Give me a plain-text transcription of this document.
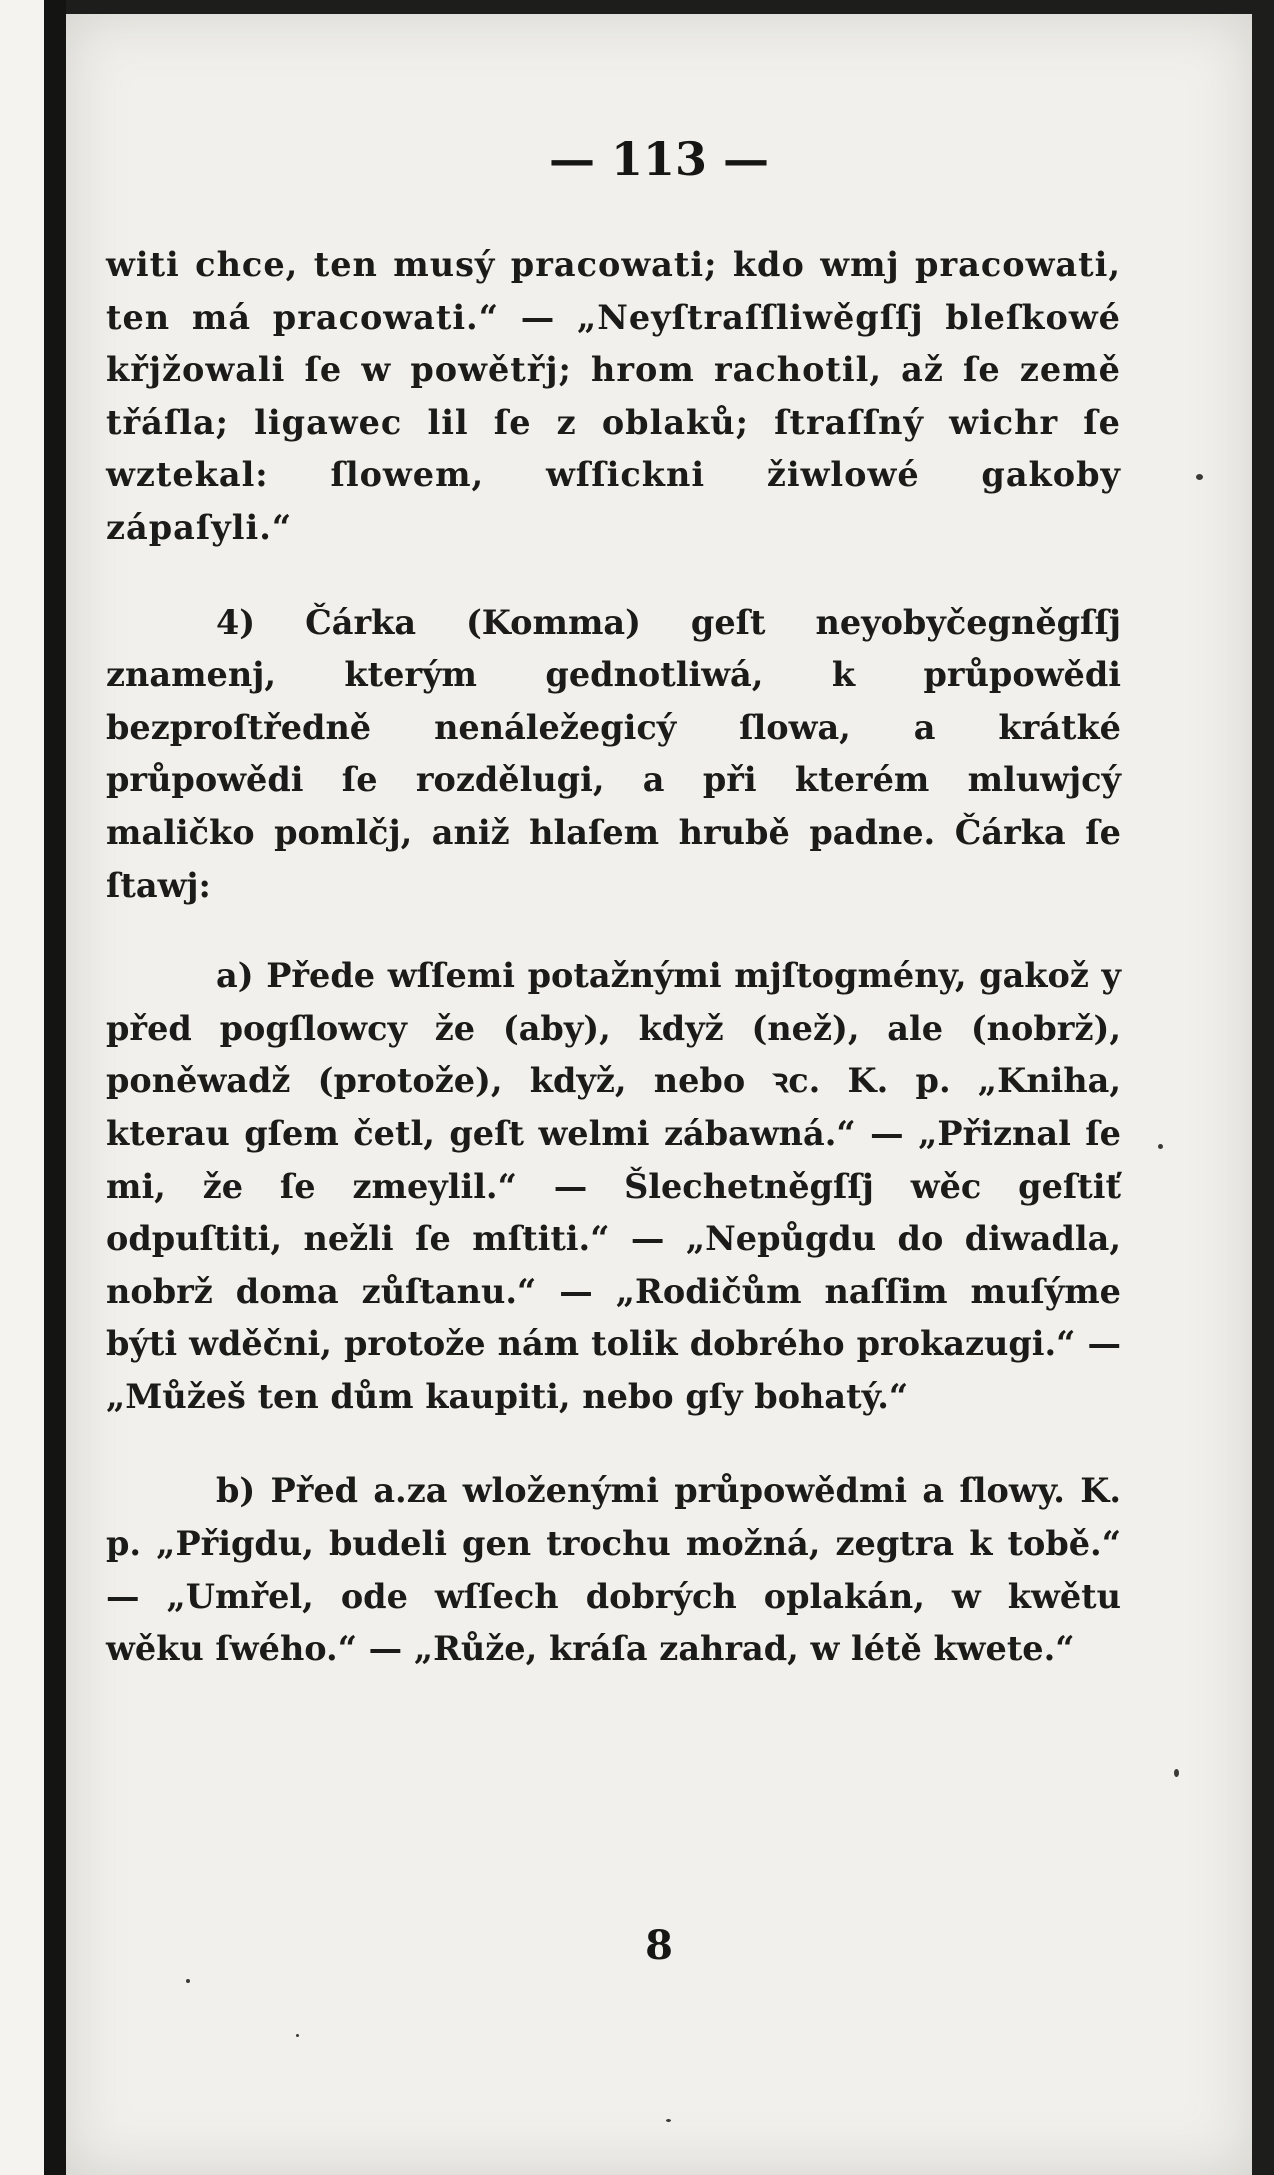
— 113 —

witi chce, ten musý pracowati; kdo wmj pracowati, ten má pracowati.“ — „Neyſtraſſliwěgſſj bleſkowé křjžowali ſe w powětřj; hrom rachotil, až ſe země třáſla; ligawec lil ſe z oblaků; ſtraſſný wichr ſe wztekal: ſlowem, wſſickni žiwlowé gakoby zápaſyli.“

4) Čárka (Komma) geſt neyobyčegněgſſj znamenj, kterým gednotliwá, k průpowědi bezproſtředně nenáležegicý ſlowa, a krátké průpowědi ſe rozdělugi, a při kterém mluwjcý maličko pomlčj, aniž hlaſem hrubě padne. Čárka ſe ſtawj:

a) Přede wſſemi potažnými mjſtogmény, gakož y před pogſlowcy že (aby), když (než), ale (nobrž), poněwadž (protože), když, nebo ꝛc. K. p. „Kniha, kterau gſem četl, geſt welmi zábawná.“ — „Přiznal ſe mi, že ſe zmeylil.“ — Šlechetněgſſj wěc geſtiť odpuſtiti, nežli ſe mſtiti.“ — „Nepůgdu do diwadla, nobrž doma zůſtanu.“ — „Rodičům naſſim muſýme býti wděčni, protože nám tolik dobrého prokazugi.“ — „Můžeš ten dům kaupiti, nebo gſy bohatý.“

b) Před a.za wloženými průpowědmi a ſlowy. K. p. „Přigdu, budeli gen trochu možná, zegtra k tobě.“ — „Umřel, ode wſſech dobrých oplakán, w kwětu wěku ſwého.“ — „Růže, kráſa zahrad, w létě kwete.“

8
